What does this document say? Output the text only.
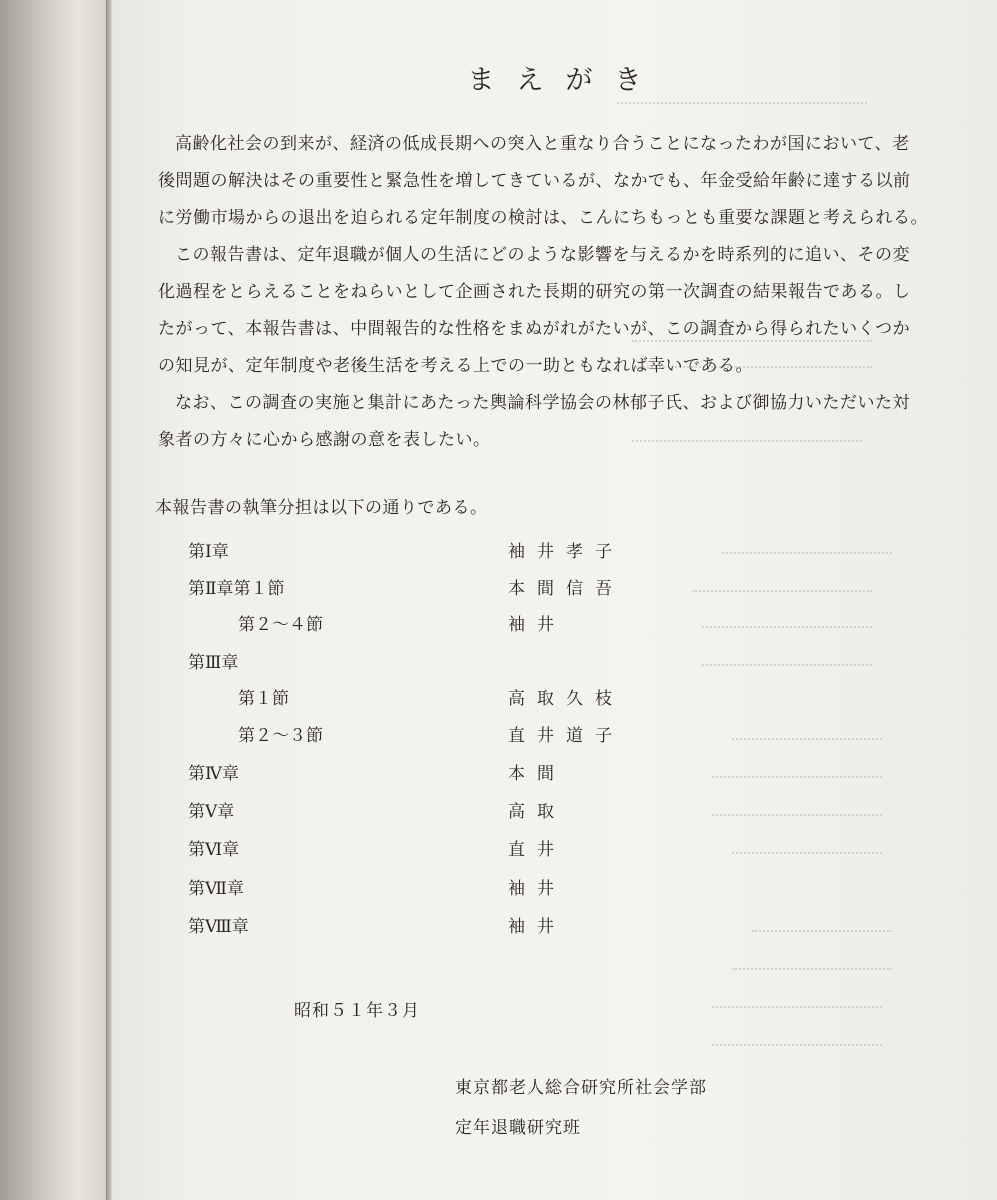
まえがき

高齢化社会の到来が、経済の低成長期への突入と重なり合うことになったわが国において、老
後問題の解決はその重要性と緊急性を増してきているが、なかでも、年金受給年齢に達する以前
に労働市場からの退出を迫られる定年制度の検討は、こんにちもっとも重要な課題と考えられる。

この報告書は、定年退職が個人の生活にどのような影響を与えるかを時系列的に追い、その変
化過程をとらえることをねらいとして企画された長期的研究の第一次調査の結果報告である。し
たがって、本報告書は、中間報告的な性格をまぬがれがたいが、この調査から得られたいくつか
の知見が、定年制度や老後生活を考える上での一助ともなれば幸いである。

なお、この調査の実施と集計にあたった輿論科学協会の林郁子氏、および御協力いただいた対
象者の方々に心から感謝の意を表したい。

本報告書の執筆分担は以下の通りである。
第Ⅰ章	袖井孝子
第Ⅱ章第１節	本間信吾
第２～４節	袖井
第Ⅲ章
第１節	高取久枝
第２～３節	直井道子
第Ⅳ章	本間
第Ⅴ章	高取
第Ⅵ章	直井
第Ⅶ章	袖井
第Ⅷ章	袖井
昭和５１年３月
東京都老人総合研究所社会学部
定年退職研究班
